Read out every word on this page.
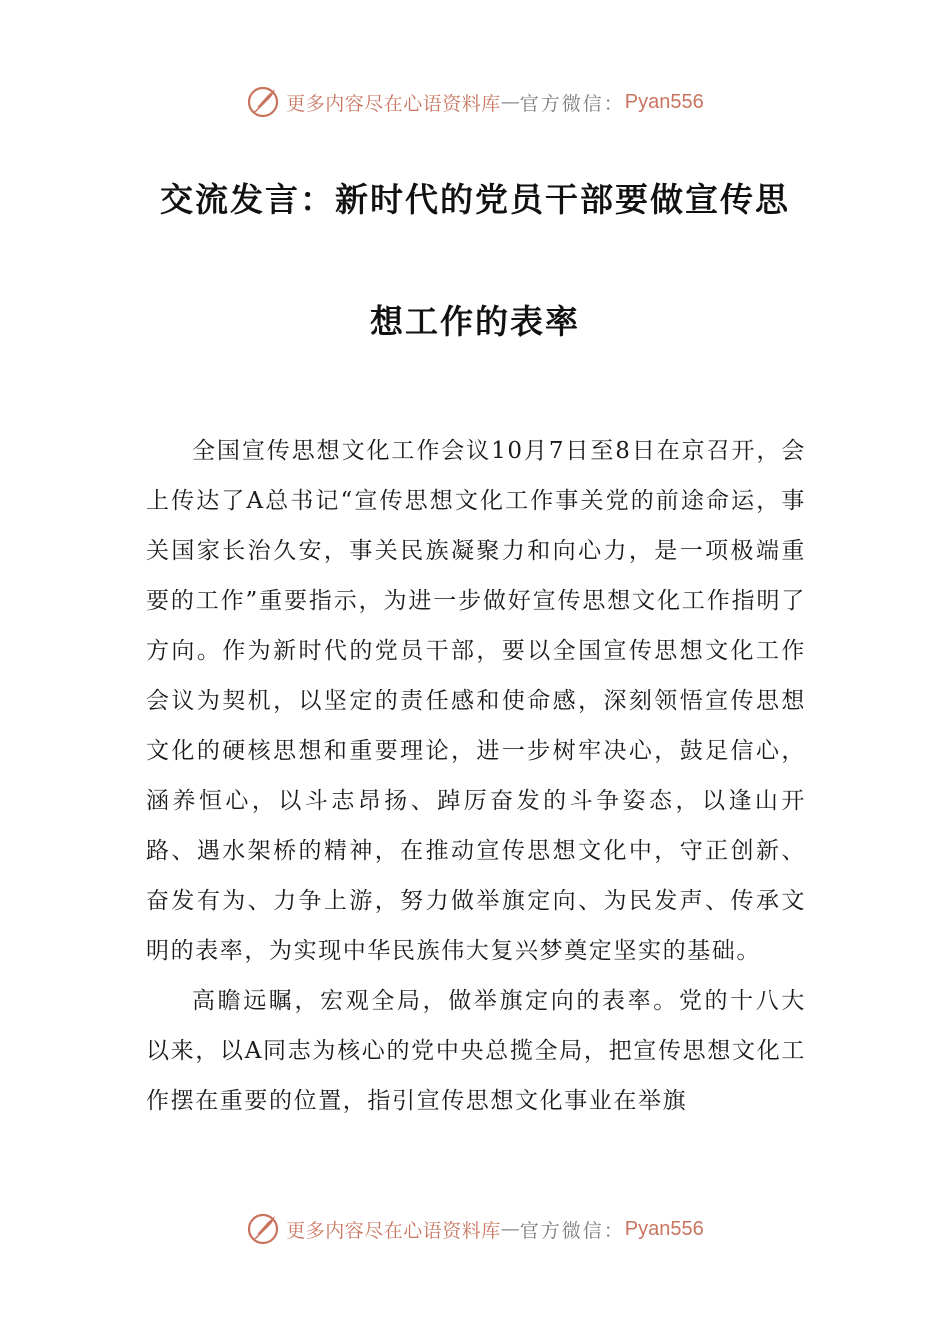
更多内容尽在心语资料库 — 官方微信： Pyan556
交流发言：新时代的党员干部要做宣传思
想工作的表率

全国宣传思想文化工作会议10月7日至8日在京召开，会上传达了A总书记“宣传思想文化工作事关党的前途命运，事关国家长治久安，事关民族凝聚力和向心力，是一项极端重要的工作”重要指示，为进一步做好宣传思想文化工作指明了方向。作为新时代的党员干部，要以全国宣传思想文化工作会议为契机，以坚定的责任感和使命感，深刻领悟宣传思想文化的硬核思想和重要理论，进一步树牢决心，鼓足信心，涵养恒心，以斗志昂扬、踔厉奋发的斗争姿态，以逢山开路、遇水架桥的精神，在推动宣传思想文化中，守正创新、奋发有为、力争上游，努力做举旗定向、为民发声、传承文明的表率，为实现中华民族伟大复兴梦奠定坚实的基础。

高瞻远瞩，宏观全局，做举旗定向的表率。党的十八大以来，以A同志为核心的党中央总揽全局，把宣传思想文化工作摆在重要的位置，指引宣传思想文化事业在举旗

更多内容尽在心语资料库 — 官方微信： Pyan556
